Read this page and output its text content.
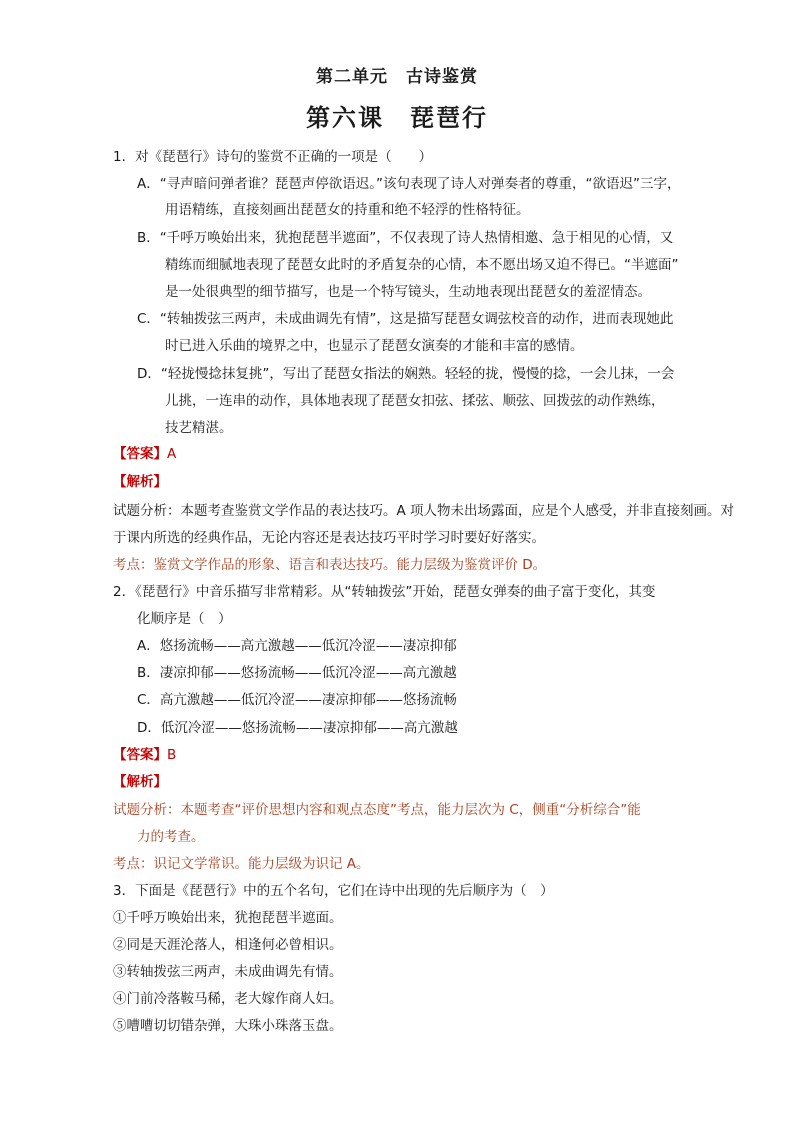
第二单元　古诗鉴赏
第六课　琵琶行
1．对《琵琶行》诗句的鉴赏不正确的一项是（　　）
A．“寻声暗问弹者谁？琵琶声停欲语迟。”该句表现了诗人对弹奏者的尊重，“欲语迟”三字，
用语精练，直接刻画出琵琶女的持重和绝不轻浮的性格特征。
B．“千呼万唤始出来，犹抱琵琶半遮面”，不仅表现了诗人热情相邀、急于相见的心情，又
精练而细腻地表现了琵琶女此时的矛盾复杂的心情，本不愿出场又迫不得已。“半遮面”
是一处很典型的细节描写，也是一个特写镜头，生动地表现出琵琶女的羞涩情态。
C．“转轴拨弦三两声，未成曲调先有情”，这是描写琵琶女调弦校音的动作，进而表现她此
时已进入乐曲的境界之中，也显示了琵琶女演奏的才能和丰富的感情。
D．“轻拢慢捻抹复挑”，写出了琵琶女指法的娴熟。轻轻的拢，慢慢的捻，一会儿抹，一会
儿挑，一连串的动作，具体地表现了琵琶女扣弦、揉弦、顺弦、回拨弦的动作熟练，
技艺精湛。
【答案】A
【解析】
试题分析：本题考查鉴赏文学作品的表达技巧。A 项人物未出场露面，应是个人感受，并非直接刻画。对
于课内所选的经典作品，无论内容还是表达技巧平时学习时要好好落实。
考点：鉴赏文学作品的形象、语言和表达技巧。能力层级为鉴赏评价 D。
2．《琵琶行》中音乐描写非常精彩。从“转轴拨弦”开始，琵琶女弹奏的曲子富于变化，其变
化顺序是（　）
A．悠扬流畅——高亢激越——低沉冷涩——凄凉抑郁
B．凄凉抑郁——悠扬流畅——低沉冷涩——高亢激越
C．高亢激越——低沉冷涩——凄凉抑郁——悠扬流畅
D．低沉冷涩——悠扬流畅——凄凉抑郁——高亢激越
【答案】B
【解析】
试题分析：本题考查“评价思想内容和观点态度”考点，能力层次为 C，侧重“分析综合”能
力的考查。
考点：识记文学常识。能力层级为识记 A。
3．下面是《琵琶行》中的五个名句，它们在诗中出现的先后顺序为（　）
①千呼万唤始出来，犹抱琵琶半遮面。
②同是天涯沦落人，相逢何必曾相识。
③转轴拨弦三两声，未成曲调先有情。
④门前冷落鞍马稀，老大嫁作商人妇。
⑤嘈嘈切切错杂弹，大珠小珠落玉盘。
